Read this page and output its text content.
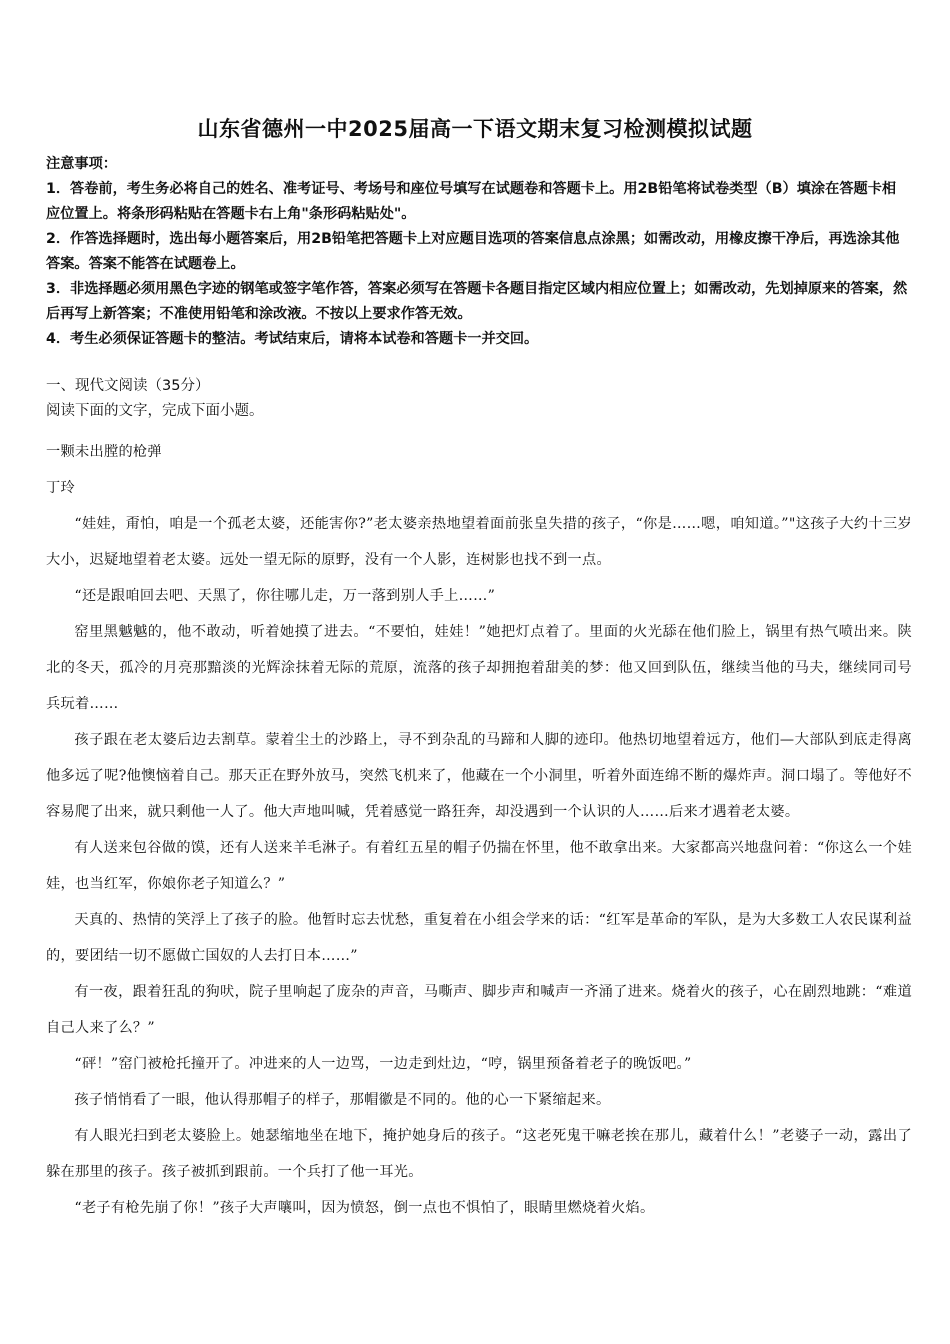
山东省德州一中2025届高一下语文期末复习检测模拟试题

注意事项：

1．答卷前，考生务必将自己的姓名、准考证号、考场号和座位号填写在试题卷和答题卡上。用2B铅笔将试卷类型（B）填涂在答题卡相应位置上。将条形码粘贴在答题卡右上角"条形码粘贴处"。

2．作答选择题时，选出每小题答案后，用2B铅笔把答题卡上对应题目选项的答案信息点涂黑；如需改动，用橡皮擦干净后，再选涂其他答案。答案不能答在试题卷上。

3．非选择题必须用黑色字迹的钢笔或签字笔作答，答案必须写在答题卡各题目指定区域内相应位置上；如需改动，先划掉原来的答案，然后再写上新答案；不准使用铅笔和涂改液。不按以上要求作答无效。

4．考生必须保证答题卡的整洁。考试结束后，请将本试卷和答题卡一并交回。

一、现代文阅读（35分）

阅读下面的文字，完成下面小题。

一颗未出膛的枪弹

丁玲

“娃娃，甭怕，咱是一个孤老太婆，还能害你?”老太婆亲热地望着面前张皇失措的孩子，“你是……嗯，咱知道。”"这孩子大约十三岁大小，迟疑地望着老太婆。远处一望无际的原野，没有一个人影，连树影也找不到一点。

“还是跟咱回去吧、天黑了，你往哪儿走，万一落到别人手上……”

窑里黑魆魆的，他不敢动，听着她摸了进去。“不要怕，娃娃！”她把灯点着了。里面的火光舔在他们脸上，锅里有热气喷出来。陕北的冬天，孤冷的月亮那黯淡的光辉涂抹着无际的荒原，流落的孩子却拥抱着甜美的梦：他又回到队伍，继续当他的马夫，继续同司号兵玩着……

孩子跟在老太婆后边去割草。蒙着尘土的沙路上，寻不到杂乱的马蹄和人脚的迹印。他热切地望着远方，他们—大部队到底走得离他多远了呢?他懊恼着自己。那天正在野外放马，突然飞机来了，他藏在一个小洞里，听着外面连绵不断的爆炸声。洞口塌了。等他好不容易爬了出来，就只剩他一人了。他大声地叫喊，凭着感觉一路狂奔，却没遇到一个认识的人……后来才遇着老太婆。

有人送来包谷做的馍，还有人送来羊毛淋子。有着红五星的帽子仍揣在怀里，他不敢拿出来。大家都高兴地盘问着：“你这么一个娃娃，也当红军，你娘你老子知道么？”

天真的、热情的笑浮上了孩子的脸。他暂时忘去忧愁，重复着在小组会学来的话：“红军是革命的军队，是为大多数工人农民谋利益的，要团结一切不愿做亡国奴的人去打日本……”

有一夜，跟着狂乱的狗吠，院子里响起了庞杂的声音，马嘶声、脚步声和喊声一齐涌了进来。烧着火的孩子，心在剧烈地跳：“难道自己人来了么？”

“砰！”窑门被枪托撞开了。冲进来的人一边骂，一边走到灶边，“哼，锅里预备着老子的晚饭吧。”

孩子悄悄看了一眼，他认得那帽子的样子，那帽徽是不同的。他的心一下紧缩起来。

有人眼光扫到老太婆脸上。她瑟缩地坐在地下，掩护她身后的孩子。“这老死鬼干嘛老挨在那儿，藏着什么！”老婆子一动，露出了躲在那里的孩子。孩子被抓到跟前。一个兵打了他一耳光。

“老子有枪先崩了你！”孩子大声嚷叫，因为愤怒，倒一点也不惧怕了，眼睛里燃烧着火焰。
